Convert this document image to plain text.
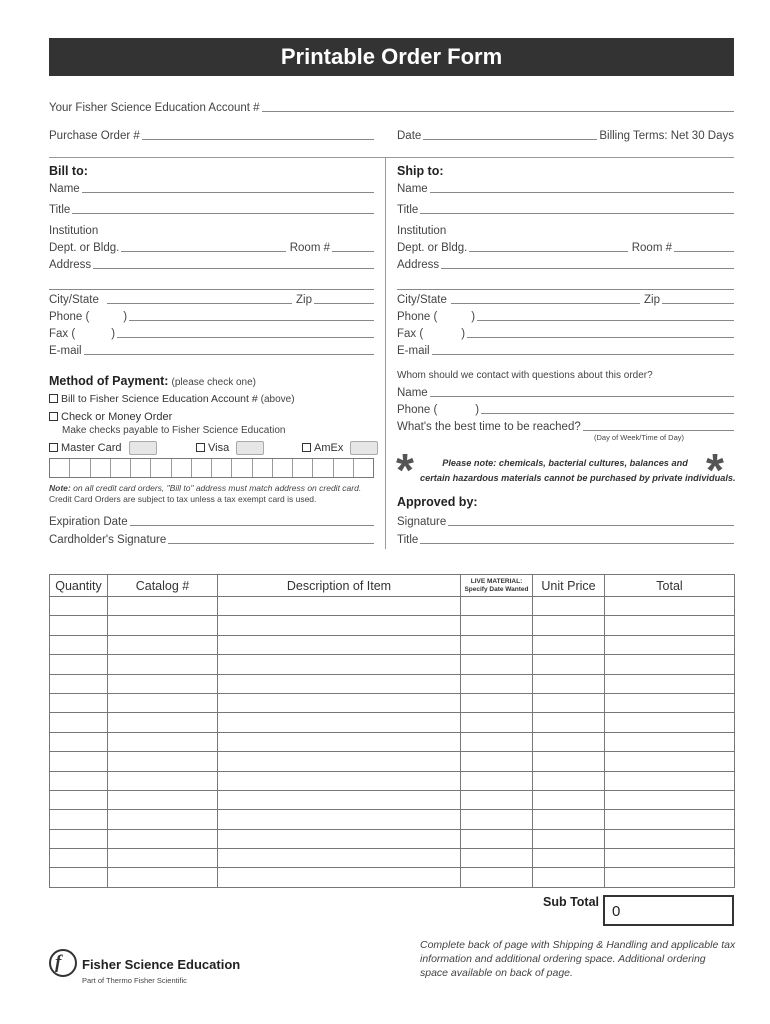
Printable Order Form
Your Fisher Science Education Account #
Purchase Order #	Date	Billing Terms: Net 30 Days
Bill to:
Name
Title
Institution
Dept. or Bldg.	Room #
Address
City/State	Zip
Phone (	)
Fax (	)
E-mail
Ship to:
Name
Title
Institution
Dept. or Bldg.	Room #
Address
City/State	Zip
Phone (	)
Fax (	)
E-mail
Method of Payment: (please check one)
Bill to Fisher Science Education Account # (above)
Check or Money Order
Make checks payable to Fisher Science Education
Master Card	Visa	AmEx
Note: on all credit card orders, "Bill to" address must match address on credit card.
Credit Card Orders are subject to tax unless a tax exempt card is used.
Expiration Date
Cardholder's Signature
Whom should we contact with questions about this order?
Name
Phone (	)
What's the best time to be reached?
(Day of Week/Time of Day)
*	*
Please note: chemicals, bacterial cultures, balances and
certain hazardous materials cannot be purchased by private individuals.
Approved by:
Signature
Title
Quantity	Catalog #	Description of Item	LIVE MATERIAL:
Specify Date Wanted	Unit Price	Total

Sub Total
0
f Fisher Science Education
Part of Thermo Fisher Scientific
Complete back of page with Shipping & Handling and applicable tax information and additional ordering space. Additional ordering space available on back of page.
